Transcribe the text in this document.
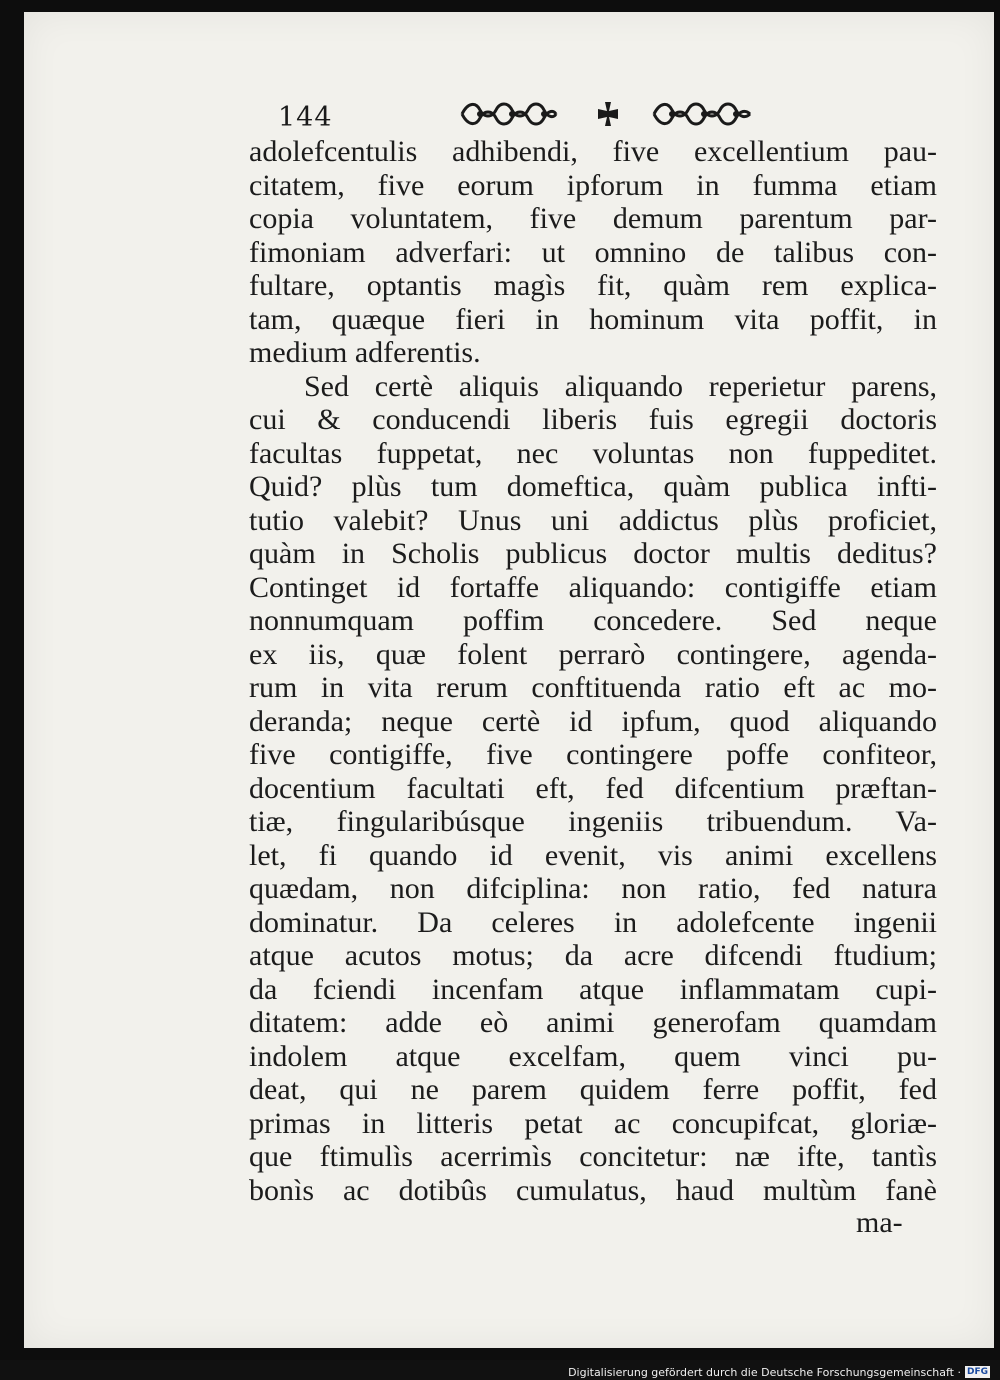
144
adolefcentulis adhibendi, five excellentium pau-
citatem, five eorum ipforum in fumma etiam
copia voluntatem, five demum parentum par-
fimoniam adverfari: ut omnino de talibus con-
fultare, optantis magìs fit, quàm rem explica-
tam, quæque fieri in hominum vita poffit, in
medium adferentis.
Sed certè aliquis aliquando reperietur parens,
cui & conducendi liberis fuis egregii doctoris
facultas fuppetat, nec voluntas non fuppeditet.
Quid? plùs tum domeftica, quàm publica infti-
tutio valebit? Unus uni addictus plùs proficiet,
quàm in Scholis publicus doctor multis deditus?
Continget id fortaffe aliquando: contigiffe etiam
nonnumquam poffim concedere. Sed neque
ex iis, quæ folent perrarò contingere, agenda-
rum in vita rerum conftituenda ratio eft ac mo-
deranda; neque certè id ipfum, quod aliquando
five contigiffe, five contingere poffe confiteor,
docentium facultati eft, fed difcentium præftan-
tiæ, fingularibúsque ingeniis tribuendum. Va-
let, fi quando id evenit, vis animi excellens
quædam, non difciplina: non ratio, fed natura
dominatur. Da celeres in adolefcente ingenii
atque acutos motus; da acre difcendi ftudium;
da fciendi incenfam atque inflammatam cupi-
ditatem: adde eò animi generofam quamdam
indolem atque excelfam, quem vinci pu-
deat, qui ne parem quidem ferre poffit, fed
primas in litteris petat ac concupifcat, gloriæ-
que ftimulìs acerrimìs concitetur: næ ifte, tantìs
bonìs ac dotibûs cumulatus, haud multùm fanè
ma-
Digitalisierung gefördert durch die Deutsche Forschungsgemeinschaft · DFG
